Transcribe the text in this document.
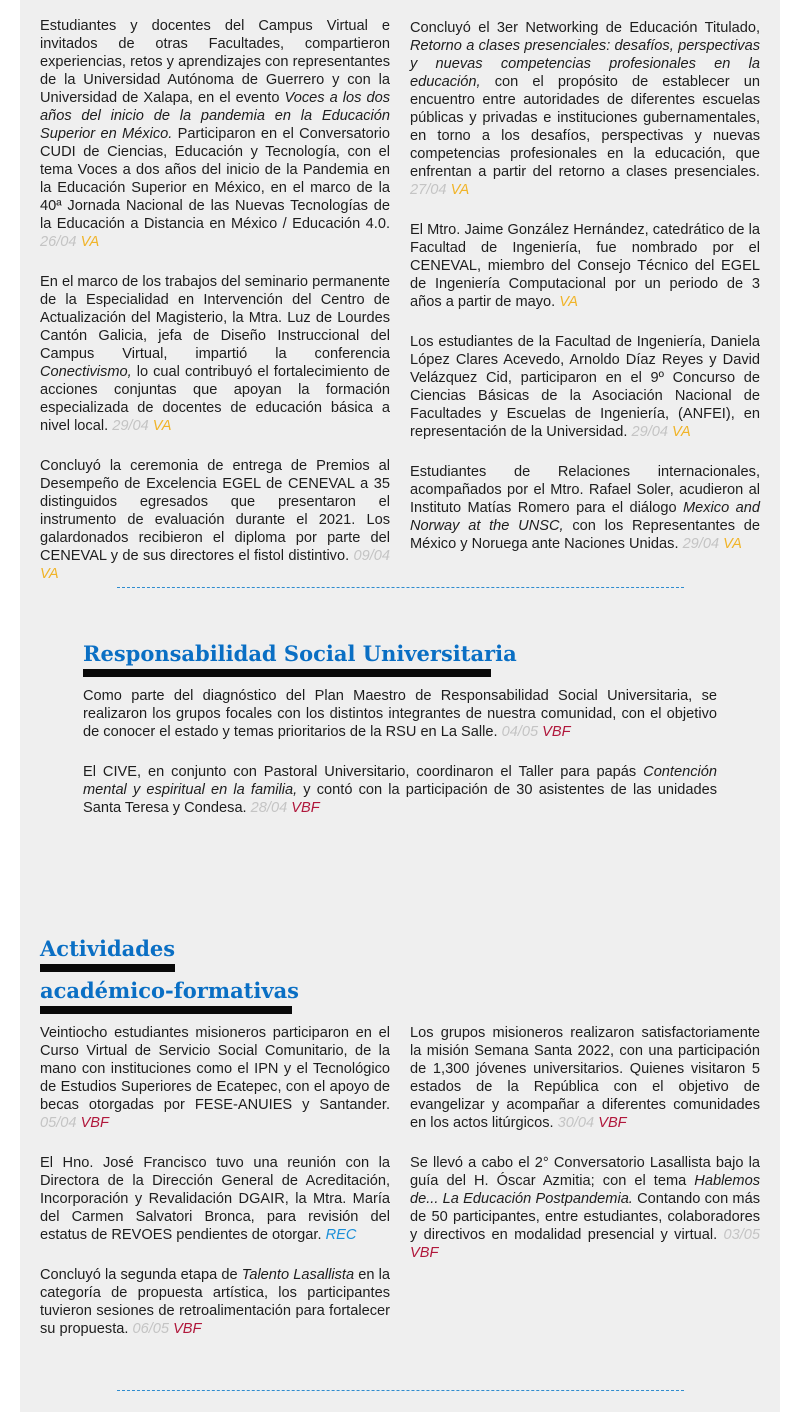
Estudiantes y docentes del Campus Virtual e invitados de otras Facultades, compartieron experiencias, retos y aprendizajes con representantes de la Universidad Autónoma de Guerrero y con la Universidad de Xalapa, en el evento Voces a los dos años del inicio de la pandemia en la Educación Superior en México. Participaron en el Conversatorio CUDI de Ciencias, Educación y Tecnología, con el tema Voces a dos años del inicio de la Pandemia en la Educación Superior en México, en el marco de la 40ª Jornada Nacional de las Nuevas Tecnologías de la Educación a Distancia en México / Educación 4.0. 26/04 VA

En el marco de los trabajos del seminario permanente de la Especialidad en Intervención del Centro de Actualización del Magisterio, la Mtra. Luz de Lourdes Cantón Galicia, jefa de Diseño Instruccional del Campus Virtual, impartió la conferencia Conectivismo, lo cual contribuyó el fortalecimiento de acciones conjuntas que apoyan la formación especializada de docentes de educación básica a nivel local. 29/04 VA

Concluyó la ceremonia de entrega de Premios al Desempeño de Excelencia EGEL de CENEVAL a 35 distinguidos egresados que presentaron el instrumento de evaluación durante el 2021. Los galardonados recibieron el diploma por parte del CENEVAL y de sus directores el fistol distintivo. 09/04 VA

Concluyó el 3er Networking de Educación Titulado, Retorno a clases presenciales: desafíos, perspectivas y nuevas competencias profesionales en la educación, con el propósito de establecer un encuentro entre autoridades de diferentes escuelas públicas y privadas e instituciones gubernamentales, en torno a los desafíos, perspectivas y nuevas competencias profesionales en la educación, que enfrentan a partir del retorno a clases presenciales. 27/04 VA

El Mtro. Jaime González Hernández, catedrático de la Facultad de Ingeniería, fue nombrado por el CENEVAL, miembro del Consejo Técnico del EGEL de Ingeniería Computacional por un periodo de 3 años a partir de mayo. VA

Los estudiantes de la Facultad de Ingeniería, Daniela López Clares Acevedo, Arnoldo Díaz Reyes y David Velázquez Cid, participaron en el 9º Concurso de Ciencias Básicas de la Asociación Nacional de Facultades y Escuelas de Ingeniería, (ANFEI), en representación de la Universidad. 29/04 VA

Estudiantes de Relaciones internacionales, acompañados por el Mtro. Rafael Soler, acudieron al Instituto Matías Romero para el diálogo Mexico and Norway at the UNSC, con los Representantes de México y Noruega ante Naciones Unidas. 29/04 VA

Responsabilidad Social Universitaria

Como parte del diagnóstico del Plan Maestro de Responsabilidad Social Universitaria, se realizaron los grupos focales con los distintos integrantes de nuestra comunidad, con el objetivo de conocer el estado y temas prioritarios de la RSU en La Salle. 04/05 VBF

El CIVE, en conjunto con Pastoral Universitario, coordinaron el Taller para papás Contención mental y espiritual en la familia, y contó con la participación de 30 asistentes de las unidades Santa Teresa y Condesa. 28/04 VBF

Actividades
académico-formativas

Veintiocho estudiantes misioneros participaron en el Curso Virtual de Servicio Social Comunitario, de la mano con instituciones como el IPN y el Tecnológico de Estudios Superiores de Ecatepec, con el apoyo de becas otorgadas por FESE-ANUIES y Santander. 05/04 VBF

El Hno. José Francisco tuvo una reunión con la Directora de la Dirección General de Acreditación, Incorporación y Revalidación DGAIR, la Mtra. María del Carmen Salvatori Bronca, para revisión del estatus de REVOES pendientes de otorgar. REC

Concluyó la segunda etapa de Talento Lasallista en la categoría de propuesta artística, los participantes tuvieron sesiones de retroalimentación para fortalecer su propuesta. 06/05 VBF

Los grupos misioneros realizaron satisfactoriamente la misión Semana Santa 2022, con una participación de 1,300 jóvenes universitarios. Quienes visitaron 5 estados de la República con el objetivo de evangelizar y acompañar a diferentes comunidades en los actos litúrgicos. 30/04 VBF

Se llevó a cabo el 2° Conversatorio Lasallista bajo la guía del H. Óscar Azmitia; con el tema Hablemos de... La Educación Postpandemia. Contando con más de 50 participantes, entre estudiantes, colaboradores y directivos en modalidad presencial y virtual. 03/05 VBF
